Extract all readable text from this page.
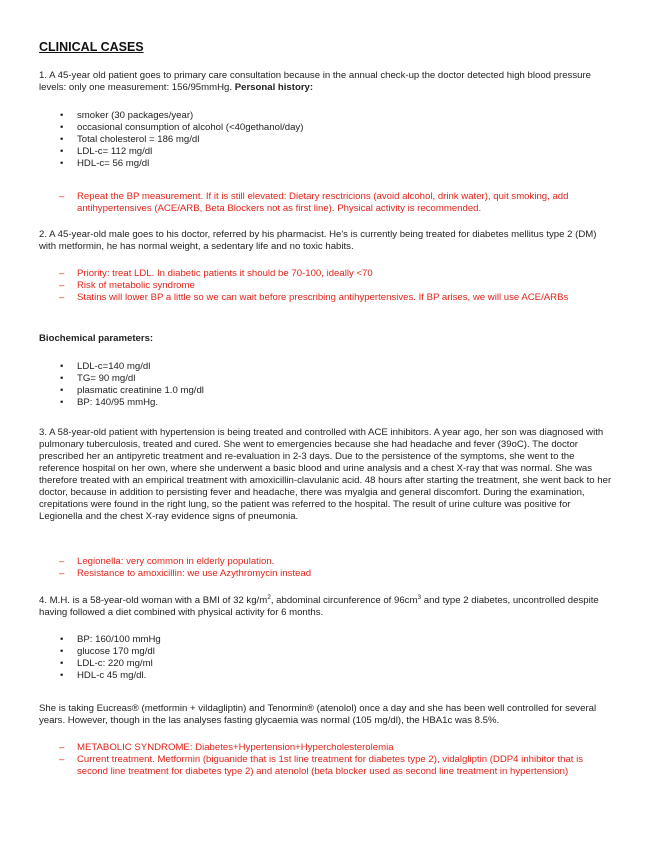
CLINICAL CASES

1. A 45-year old patient goes to primary care consultation because in the annual check-up the doctor detected high blood pressure levels: only one measurement: 156/95mmHg. Personal history:

• smoker (30 packages/year)
• occasional consumption of alcohol (<40gethanol/day)
• Total cholesterol = 186 mg/dl
• LDL-c= 112 mg/dl
• HDL-c= 56 mg/dl
– Repeat the BP measurement. If it is still elevated: Dietary resctricions (avoid alcohol, drink water), quit smoking, add antihypertensives (ACE/ARB, Beta Blockers not as first line). Physical activity is recommended.

2. A 45-year-old male goes to his doctor, referred by his pharmacist. He's is currently being treated for diabetes mellitus type 2 (DM) with metformin, he has normal weight, a sedentary life and no toxic habits.

– Priority: treat LDL. In diabetic patients it should be 70-100, ideally <70
– Risk of metabolic syndrome
– Statins will lower BP a little so we can wait before prescribing antihypertensives. If BP arises, we will use ACE/ARBs

Biochemical parameters:

• LDL-c=140 mg/dl
• TG= 90 mg/dl
• plasmatic creatinine 1.0 mg/dl
• BP: 140/95 mmHg.

3. A 58-year-old patient with hypertension is being treated and controlled with ACE inhibitors. A year ago, her son was diagnosed with pulmonary tuberculosis, treated and cured. She went to emergencies because she had headache and fever (39oC). The doctor prescribed her an antipyretic treatment and re-evaluation in 2-3 days. Due to the persistence of the symptoms, she went to the reference hospital on her own, where she underwent a basic blood and urine analysis and a chest X-ray that was normal. She was therefore treated with an empirical treatment with amoxicillin-clavulanic acid. 48 hours after starting the treatment, she went back to her doctor, because in addition to persisting fever and headache, there was myalgia and general discomfort. During the examination, crepitations were found in the right lung, so the patient was referred to the hospital. The result of urine culture was positive for Legionella and the chest X-ray evidence signs of pneumonia.

– Legionella: very common in elderly population.
– Resistance to amoxicillin: we use Azythromycin instead

4. M.H. is a 58-year-old woman with a BMI of 32 $kg/m^2$, abdominal circunference of $96cm^3$ and type 2 diabetes, uncontrolled despite having followed a diet combined with physical activity for 6 months.

• BP: 160/100 mmHg
• glucose 170 mg/dl
• LDL-c: 220 mg/ml
• HDL-c 45 mg/dl.

She is taking Eucreas® (metformin + vildagliptin) and Tenormin® (atenolol) once a day and she has been well controlled for several years. However, though in the las analyses fasting glycaemia was normal (105 mg/dl), the HBA1c was 8.5%.

– METABOLIC SYNDROME: Diabetes+Hypertension+Hypercholesterolemia
– Current treatment. Metformin (biguanide that is 1st line treatment for diabetes type 2), vidalgliptin (DDP4 inhibitor that is second line treatment for diabetes type 2) and atenolol (beta blocker used as second line treatment in hypertension)
